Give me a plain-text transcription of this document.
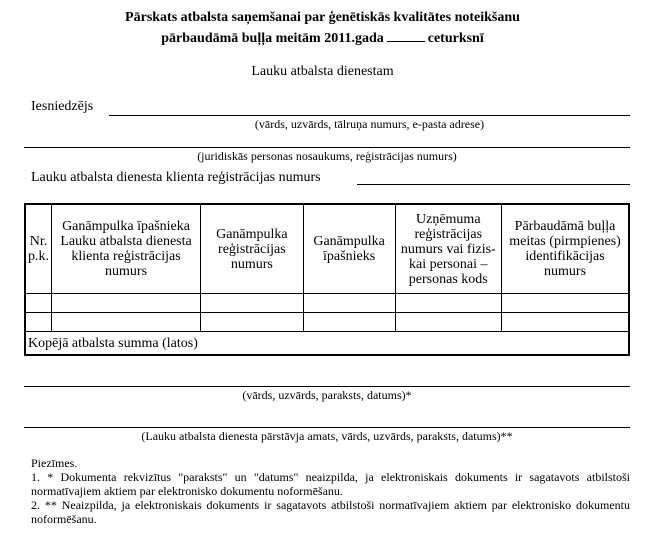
Pārskats atbalsta saņemšanai par ģenētiskās kvalitātes noteikšanu
pārbaudāmā buļļa meitām 2011.gada	ceturksnī
Lauku atbalsta dienestam
Iesniedzējs
(vārds, uzvārds, tālruņa numurs, e-pasta adrese)
(juridiskās personas nosaukums, reģistrācijas numurs)
Lauku atbalsta dienesta klienta reģistrācijas numurs
Nr. p.k.	Ganāmpulka īpašnieka Lauku atbalsta dienesta klienta reģistrācijas numurs	Ganāmpulka reģistrācijas numurs	Ganāmpulka īpašnieks	Uzņēmuma reģistrācijas numurs vai fizis-kai personai – personas kods	Pārbaudāmā buļļa meitas (pirmpienes) identifikācijas numurs

Kopējā atbalsta summa (latos)					
(vārds, uzvārds, paraksts, datums)*
(Lauku atbalsta dienesta pārstāvja amats, vārds, uzvārds, paraksts, datums)**

Piezīmes.

1. * Dokumenta rekvizītus "paraksts" un "datums" neaizpilda, ja elektroniskais dokuments ir sagatavots atbilstoši normatīvajiem aktiem par elektronisko dokumentu noformēšanu.

2. ** Neaizpilda, ja elektroniskais dokuments ir sagatavots atbilstoši normatīvajiem aktiem par elektronisko dokumentu noformēšanu.
